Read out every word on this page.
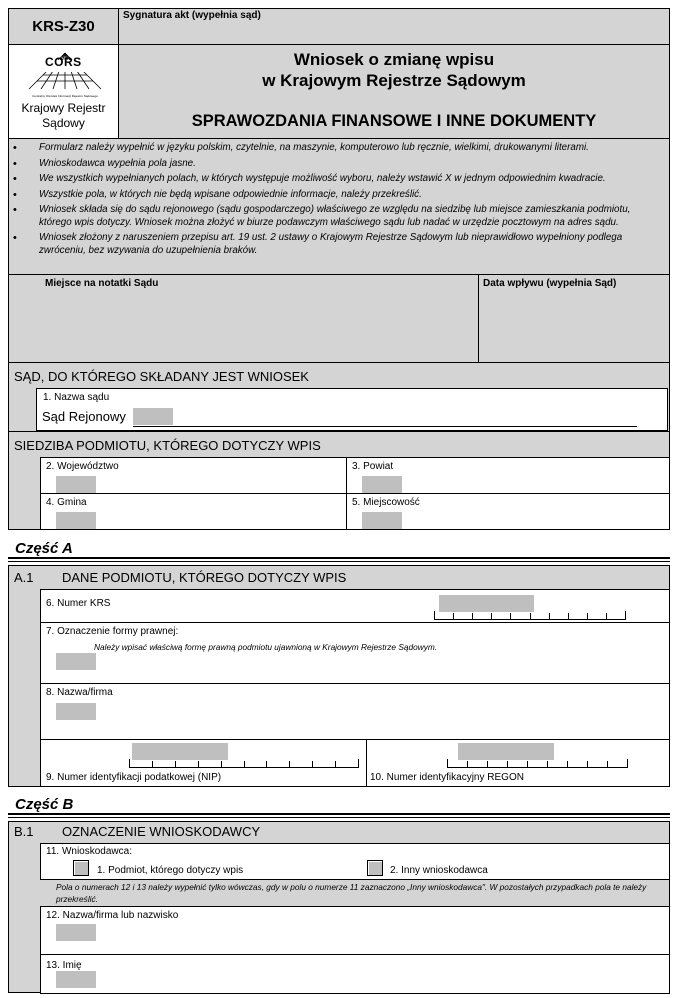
KRS-Z30
Sygnatura akt (wypełnia sąd)
CORS
Centralny Ośrodek Informacji Rejestru Sądowego
Krajowy Rejestr Sądowy
Wniosek o zmianę wpisu
w Krajowym Rejestrze Sądowym
SPRAWOZDANIA FINANSOWE I INNE DOKUMENTY
• Formularz należy wypełnić w języku polskim, czytelnie, na maszynie, komputerowo lub ręcznie, wielkimi, drukowanymi literami.
• Wnioskodawca wypełnia pola jasne.
• We wszystkich wypełnianych polach, w których występuje możliwość wyboru, należy wstawić X w jednym odpowiednim kwadracie.
• Wszystkie pola, w których nie będą wpisane odpowiednie informacje, należy przekreślić.
• Wniosek składa się do sądu rejonowego (sądu gospodarczego) właściwego ze względu na siedzibę lub miejsce zamieszkania podmiotu, którego wpis dotyczy. Wniosek można złożyć w biurze podawczym właściwego sądu lub nadać w urzędzie pocztowym na adres sądu.
• Wniosek złożony z naruszeniem przepisu art. 19 ust. 2 ustawy o Krajowym Rejestrze Sądowym lub nieprawidłowo wypełniony podlega zwróceniu, bez wzywania do uzupełnienia braków.
Miejsce na notatki Sądu	Data wpływu (wypełnia Sąd)
SĄD, DO KTÓREGO SKŁADANY JEST WNIOSEK
1. Nazwa sądu
Sąd Rejonowy
SIEDZIBA PODMIOTU, KTÓREGO DOTYCZY WPIS
2. Województwo	3. Powiat
4. Gmina	5. Miejscowość
Część A
A.1 DANE PODMIOTU, KTÓREGO DOTYCZY WPIS
6. Numer KRS
7. Oznaczenie formy prawnej:
Należy wpisać właściwą formę prawną podmiotu ujawnioną w Krajowym Rejestrze Sądowym.
8. Nazwa/firma
9. Numer identyfikacji podatkowej (NIP)	10. Numer identyfikacyjny REGON
Część B
B.1 OZNACZENIE WNIOSKODAWCY
11. Wnioskodawca:
1. Podmiot, którego dotyczy wpis	2. Inny wnioskodawca
Pola o numerach 12 i 13 należy wypełnić tylko wówczas, gdy w polu o numerze 11 zaznaczono „Inny wnioskodawca". W pozostałych przypadkach pola te należy przekreślić.
12. Nazwa/firma lub nazwisko
13. Imię
